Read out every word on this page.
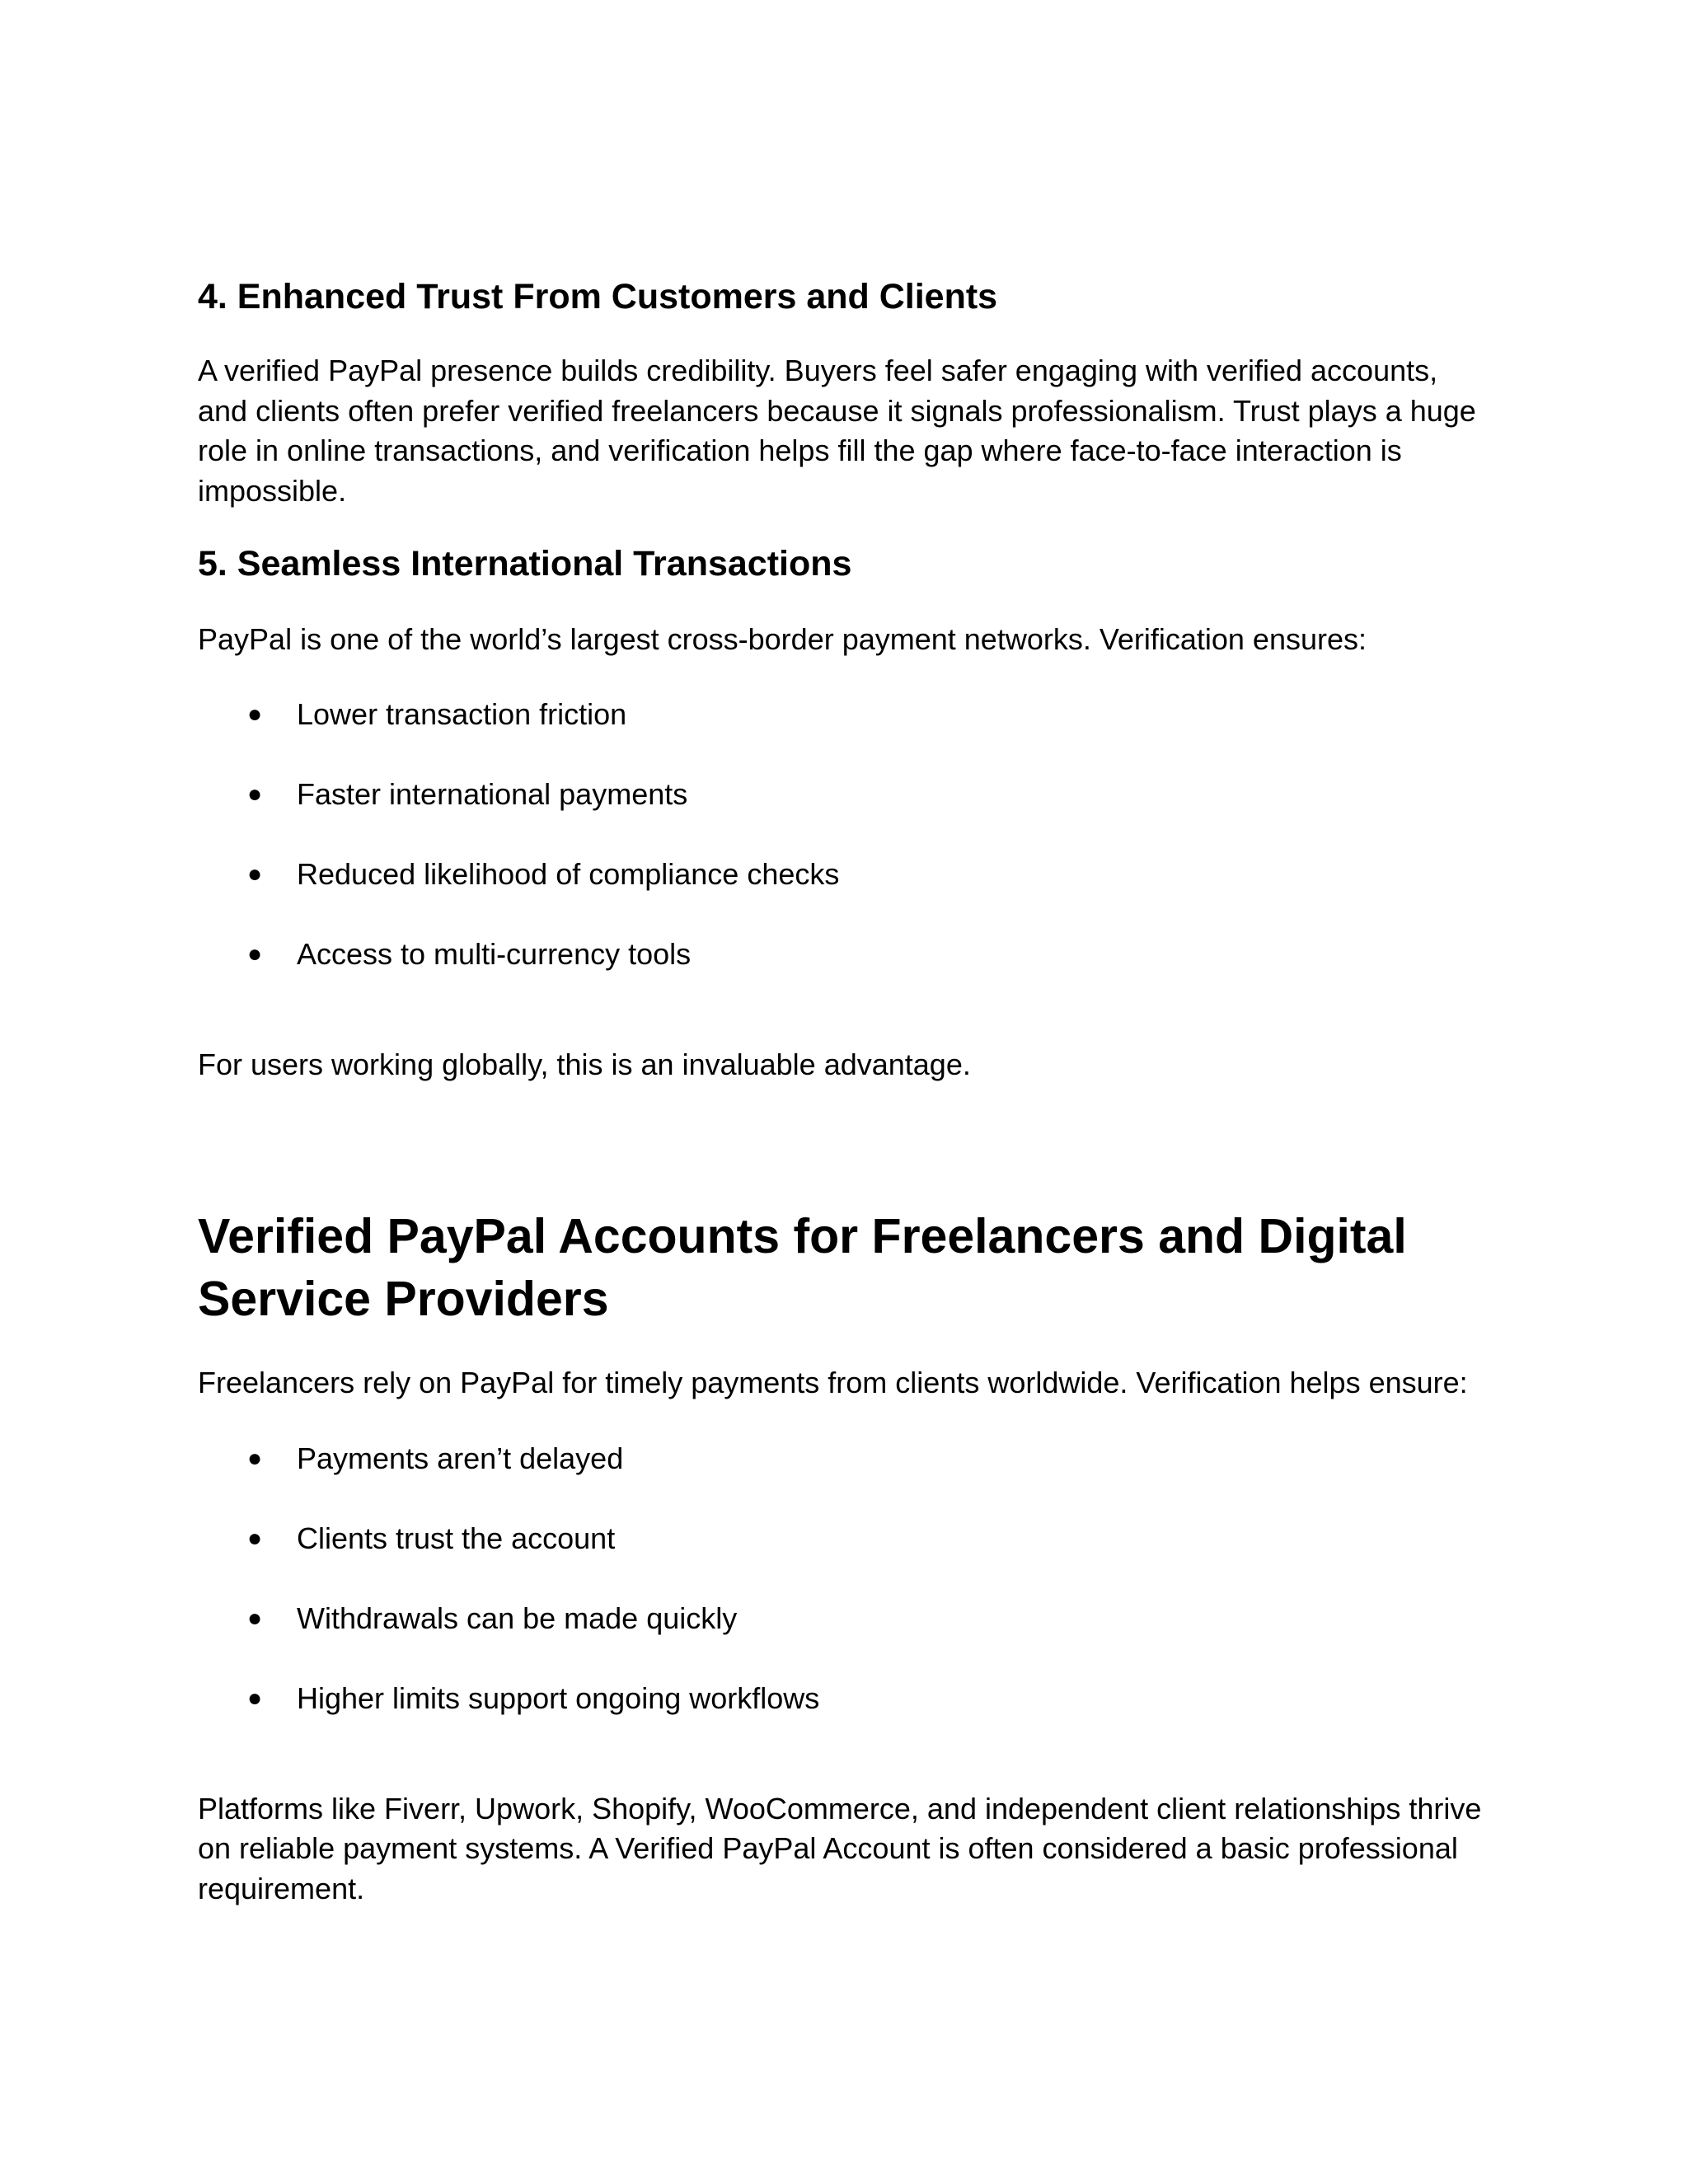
4. Enhanced Trust From Customers and Clients

A verified PayPal presence builds credibility. Buyers feel safer engaging with verified accounts, and clients often prefer verified freelancers because it signals professionalism. Trust plays a huge role in online transactions, and verification helps fill the gap where face-to-face interaction is impossible.

5. Seamless International Transactions

PayPal is one of the world’s largest cross-border payment networks. Verification ensures:

● Lower transaction friction
● Faster international payments
● Reduced likelihood of compliance checks
● Access to multi-currency tools

For users working globally, this is an invaluable advantage.

Verified PayPal Accounts for Freelancers and Digital Service Providers

Freelancers rely on PayPal for timely payments from clients worldwide. Verification helps ensure:

● Payments aren’t delayed
● Clients trust the account
● Withdrawals can be made quickly
● Higher limits support ongoing workflows

Platforms like Fiverr, Upwork, Shopify, WooCommerce, and independent client relationships thrive on reliable payment systems. A Verified PayPal Account is often considered a basic professional requirement.
